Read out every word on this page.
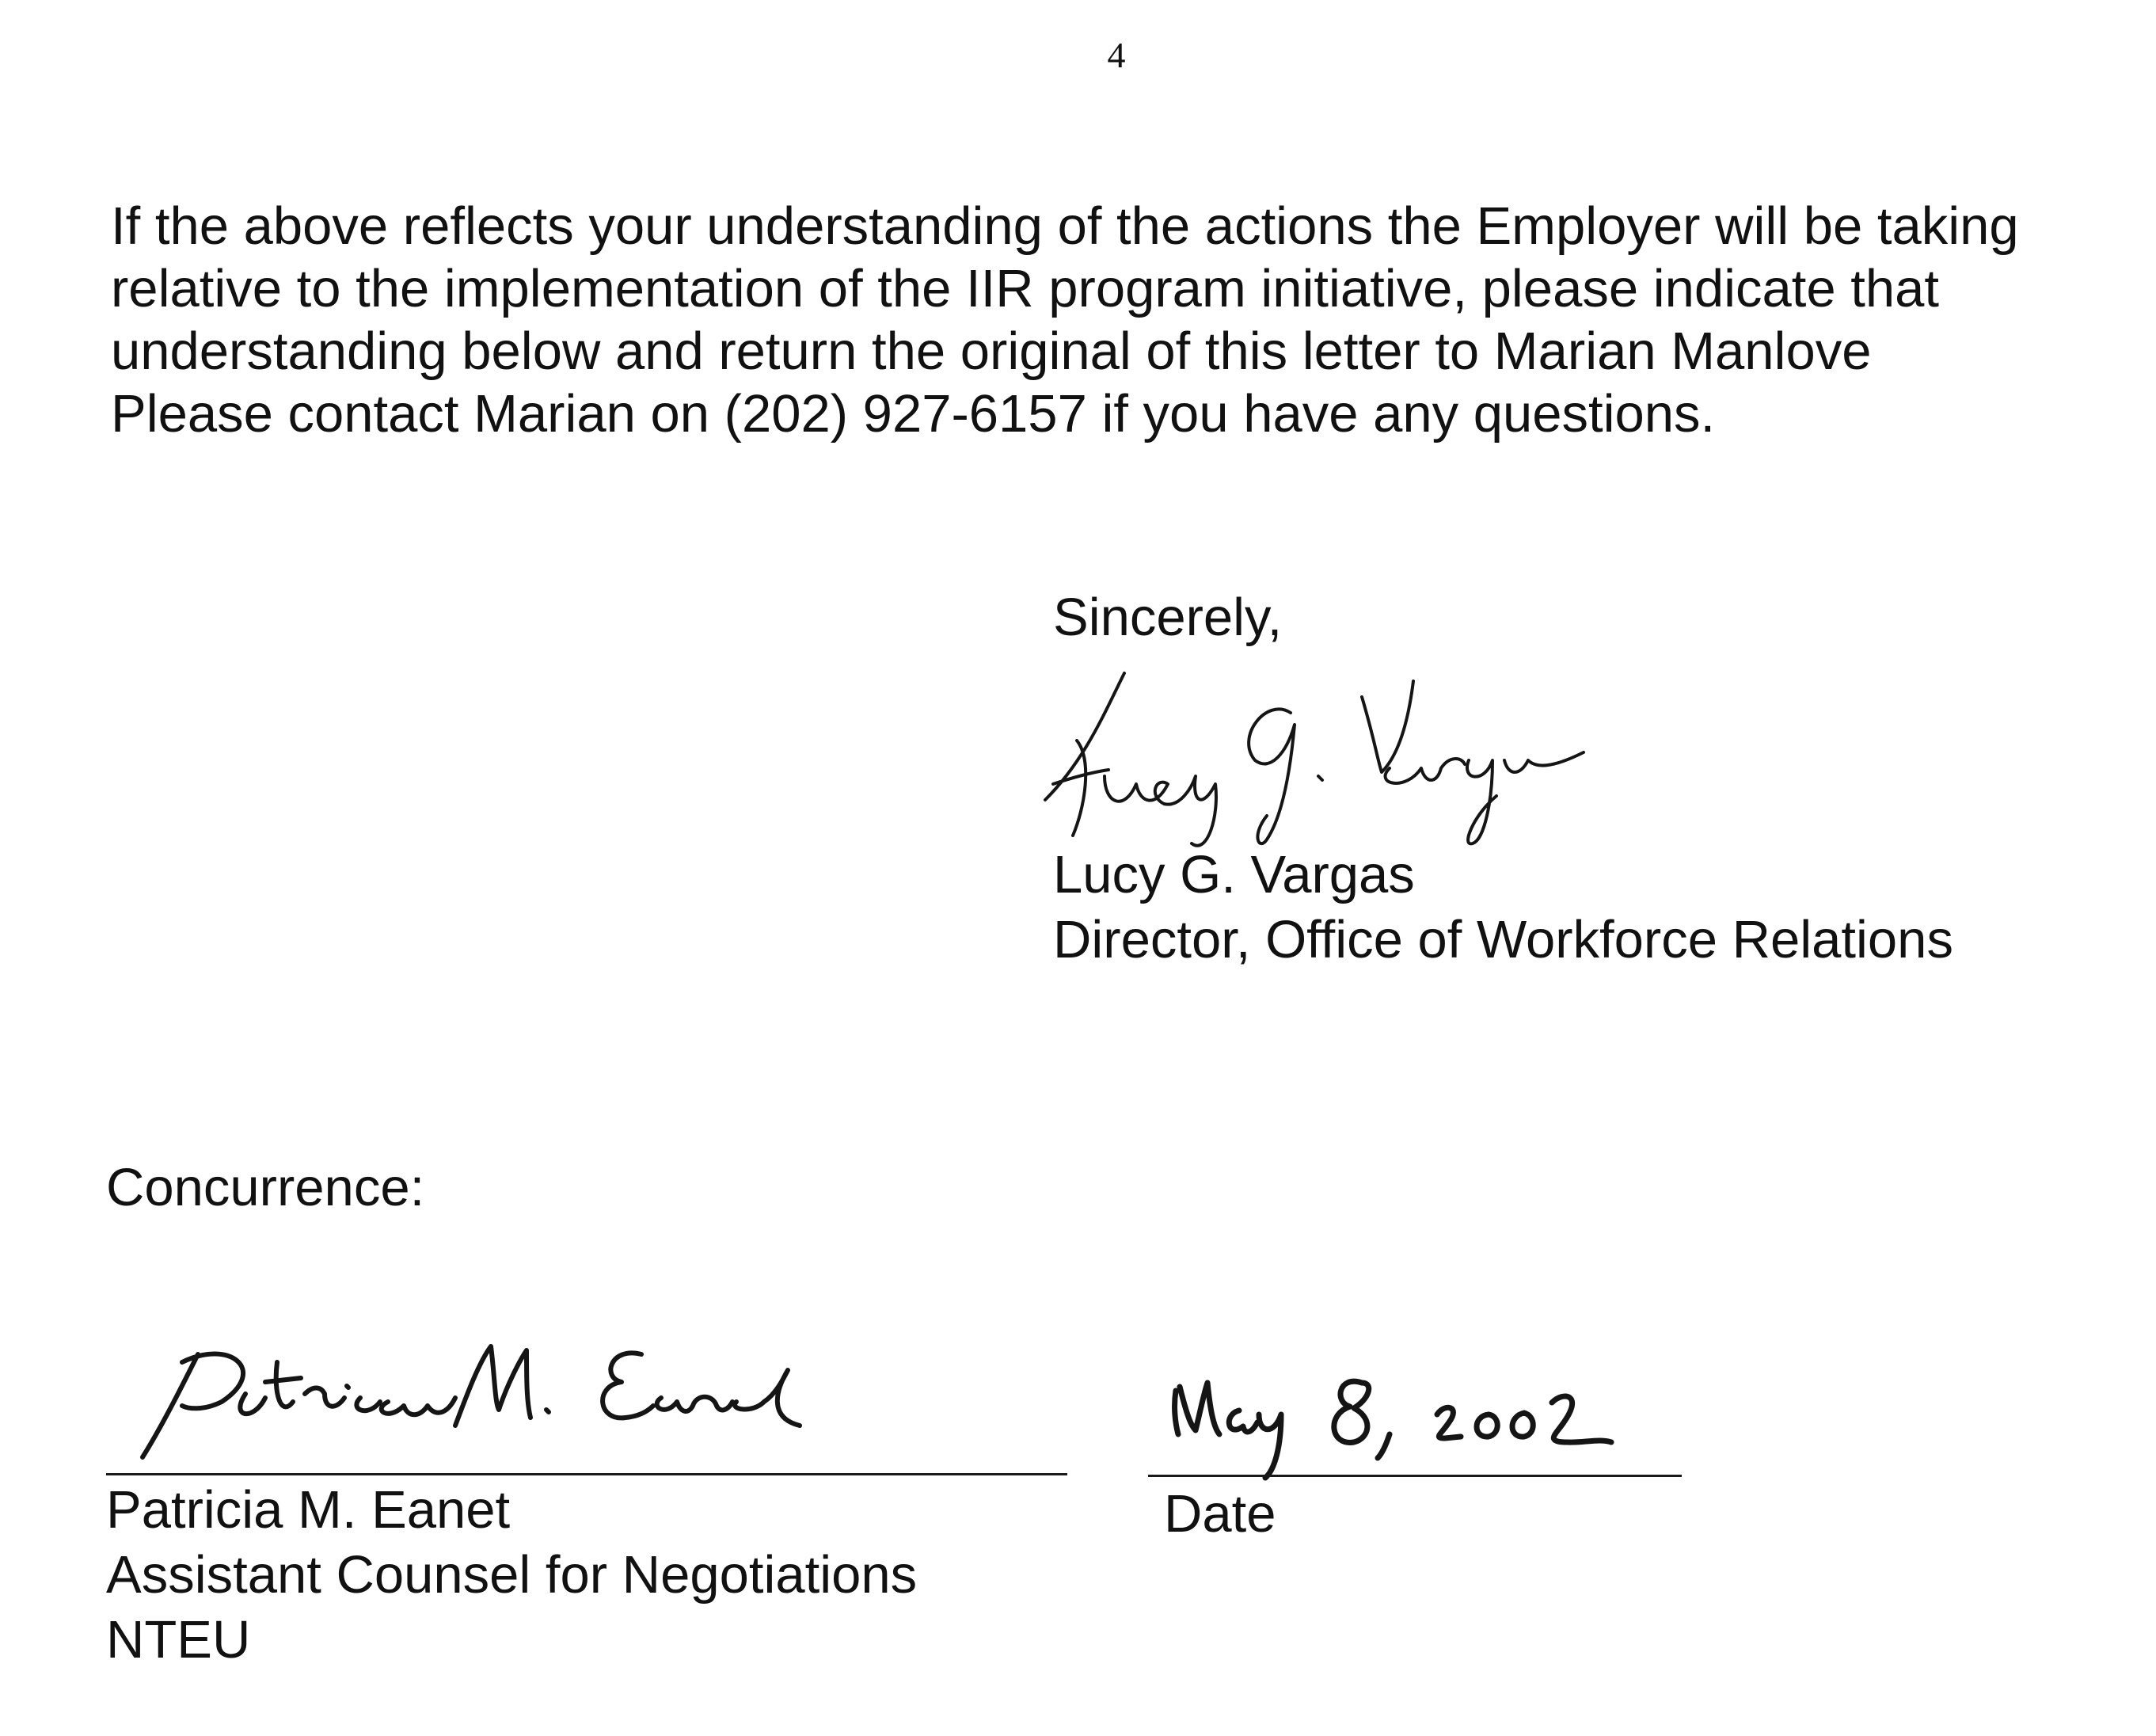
4
If the above reflects your understanding of the actions the Employer will be taking
relative to the implementation of the IIR program initiative, please indicate that
understanding below and return the original of this letter to Marian Manlove
Please contact Marian on (202) 927-6157 if you have any questions.
Sincerely,
Lucy G. Vargas
Director, Office of Workforce Relations
Concurrence:
Patricia M. Eanet
Assistant Counsel for Negotiations
NTEU
Date
